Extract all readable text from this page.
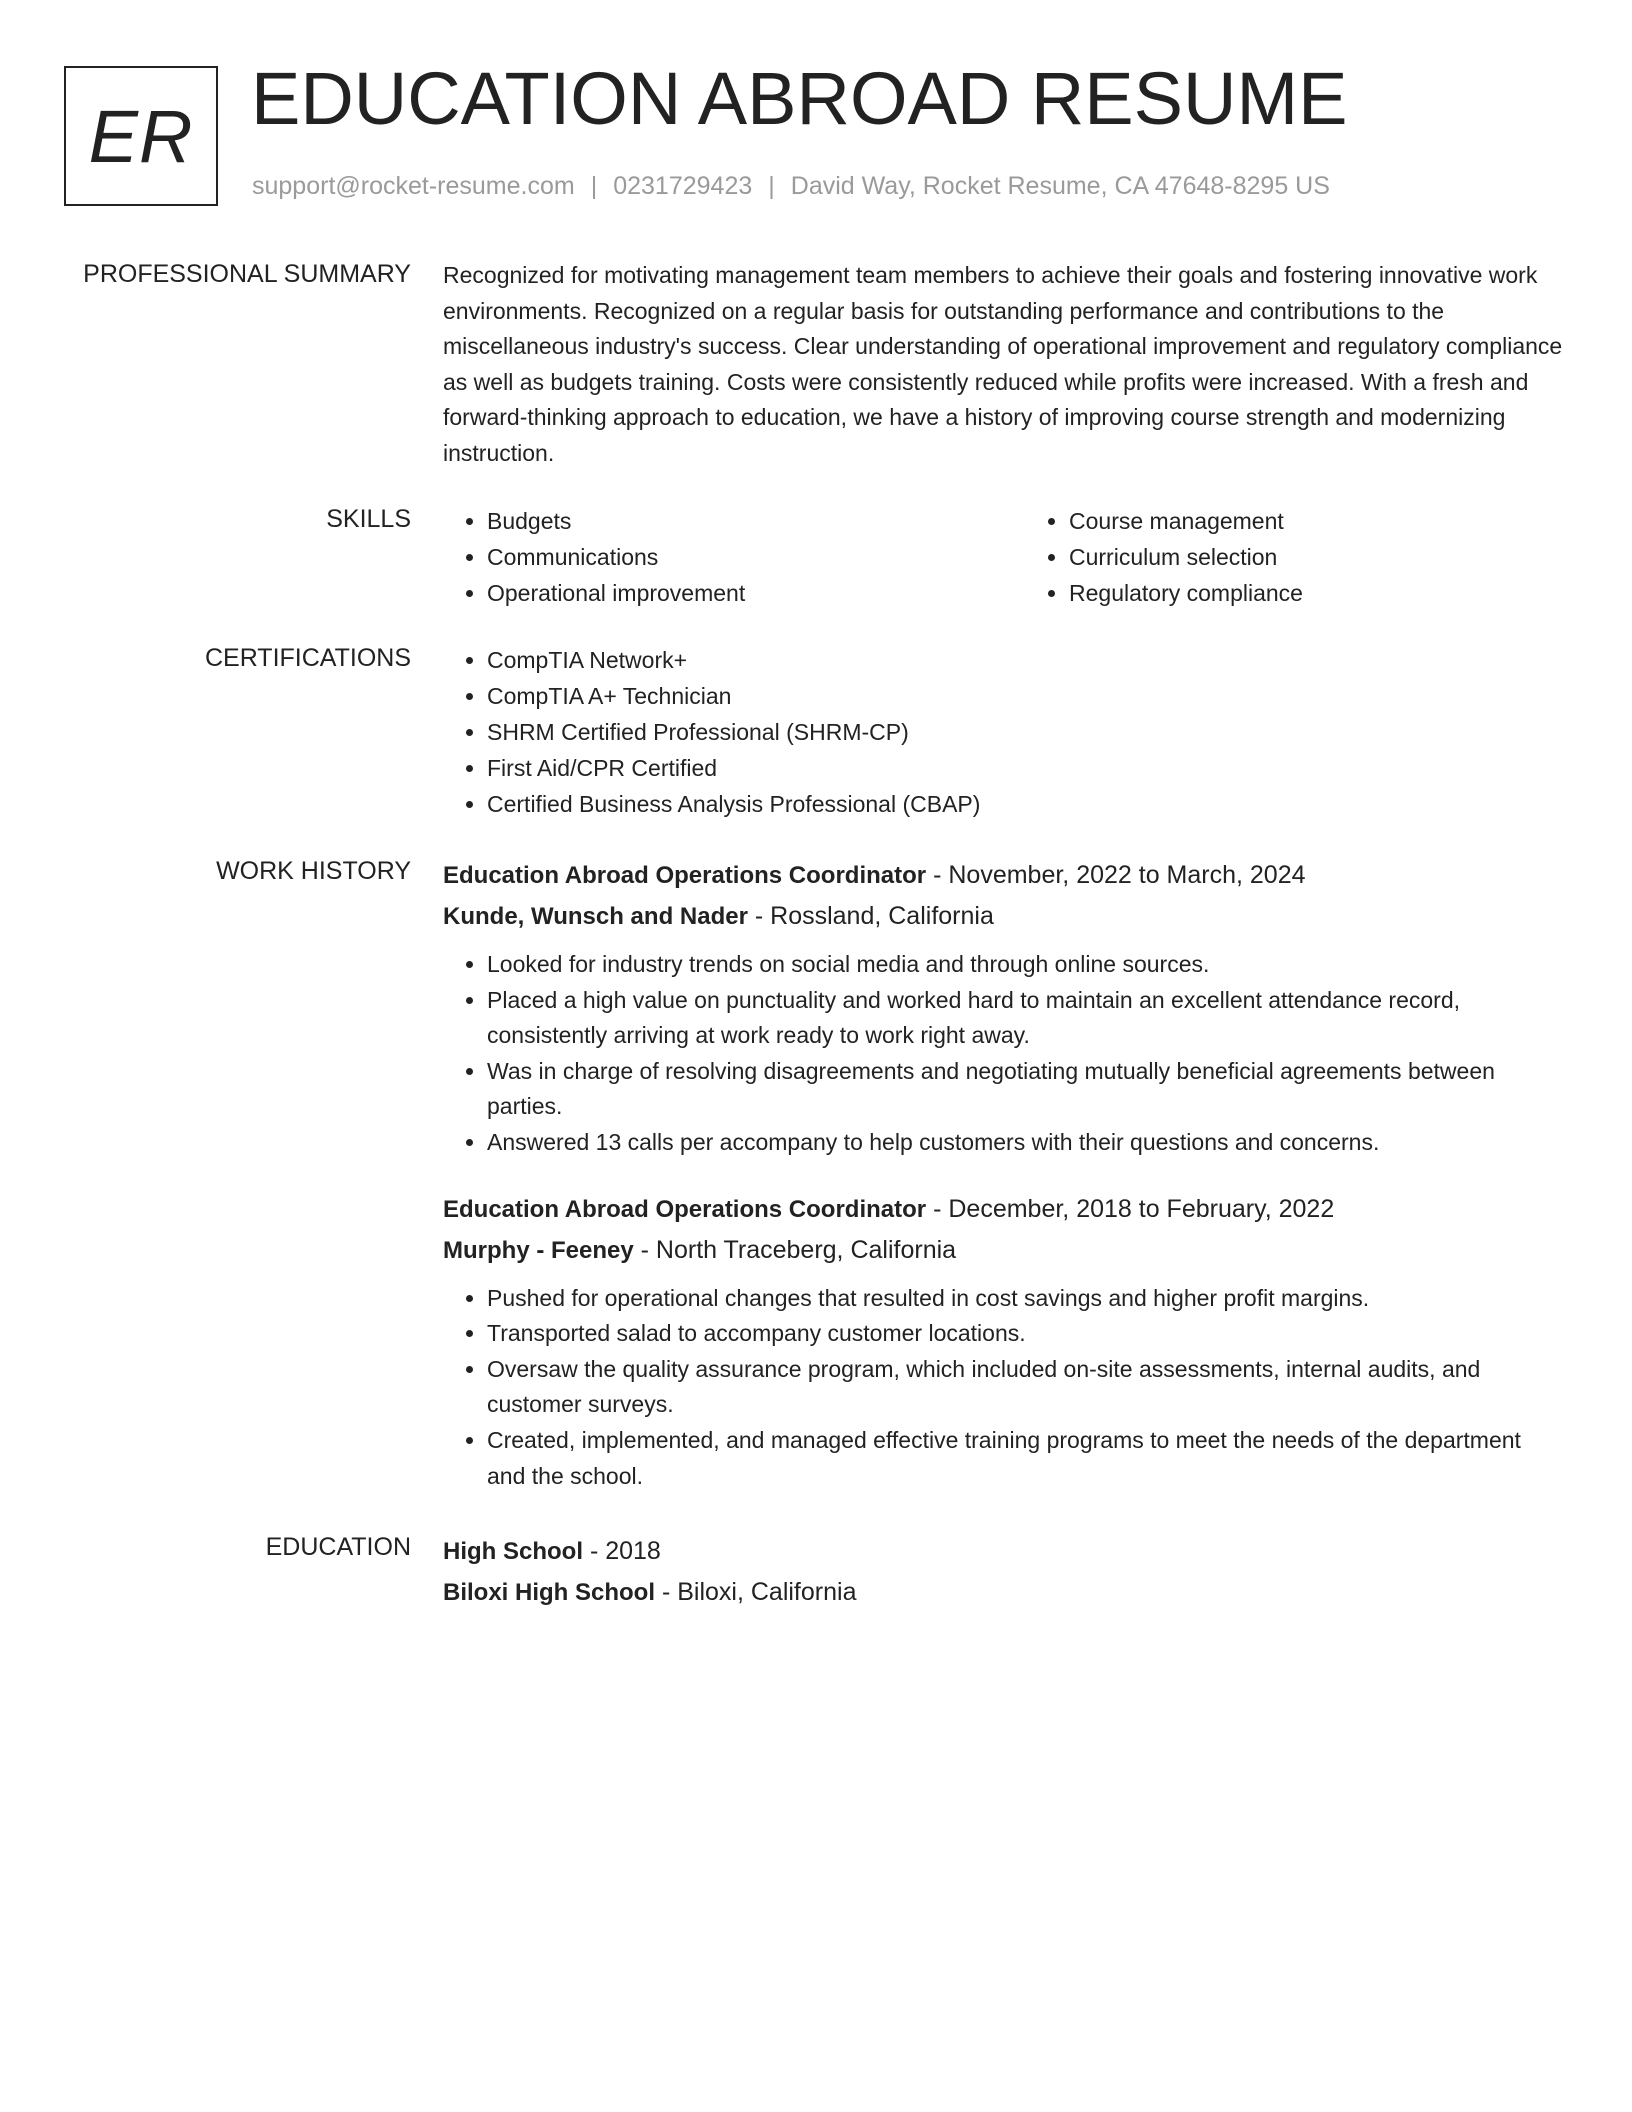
ER EDUCATION ABROAD RESUME
support@rocket-resume.com | 0231729423 | David Way, Rocket Resume, CA 47648-8295 US
PROFESSIONAL SUMMARY Recognized for motivating management team members to achieve their goals and fostering innovative work environments. Recognized on a regular basis for outstanding performance and contributions to the miscellaneous industry's success. Clear understanding of operational improvement and regulatory compliance as well as budgets training. Costs were consistently reduced while profits were increased. With a fresh and forward-thinking approach to education, we have a history of improving course strength and modernizing instruction.

SKILLS	• Budgets
• Communications
• Operational improvement
• Course management
• Curriculum selection
• Regulatory compliance
CERTIFICATIONS	• CompTIA Network+
• CompTIA A+ Technician
• SHRM Certified Professional (SHRM-CP)
• First Aid/CPR Certified
• Certified Business Analysis Professional (CBAP)
WORK HISTORY Education Abroad Operations Coordinator - November, 2022 to March, 2024
Kunde, Wunsch and Nader - Rossland, California
• Looked for industry trends on social media and through online sources.
• Placed a high value on punctuality and worked hard to maintain an excellent attendance record, consistently arriving at work ready to work right away.
• Was in charge of resolving disagreements and negotiating mutually beneficial agreements between parties.
• Answered 13 calls per accompany to help customers with their questions and concerns.
Education Abroad Operations Coordinator - December, 2018 to February, 2022
Murphy - Feeney - North Traceberg, California
• Pushed for operational changes that resulted in cost savings and higher profit margins.
• Transported salad to accompany customer locations.
• Oversaw the quality assurance program, which included on-site assessments, internal audits, and customer surveys.
• Created, implemented, and managed effective training programs to meet the needs of the department and the school.
EDUCATION High School - 2018
Biloxi High School - Biloxi, California
